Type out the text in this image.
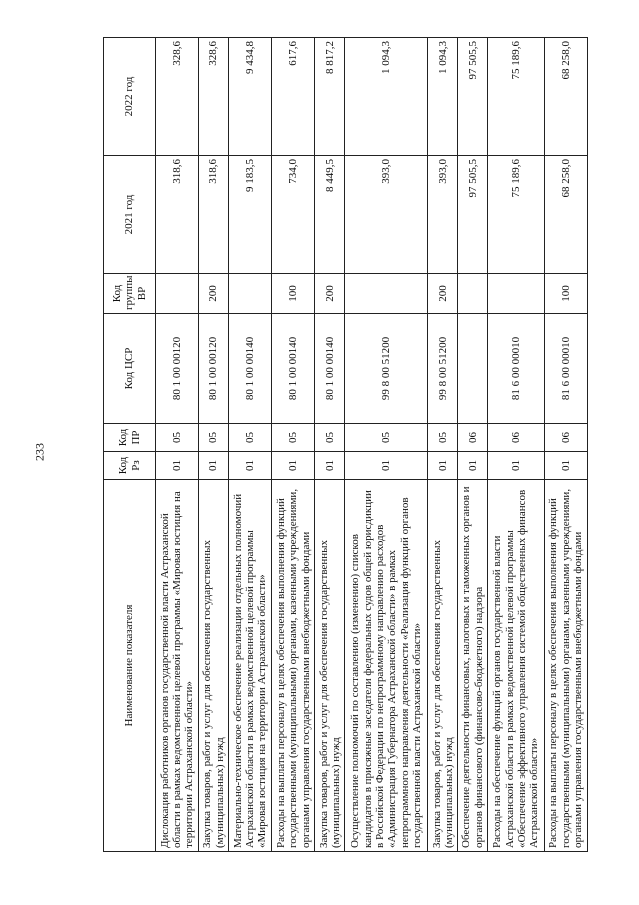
233
Наименование показателя	Код Рз	Код ПР	Код ЦСР	Код группы ВР	2021 год	2022 год
Дислокация работников органов государственной власти Астраханской области в рамках ведомственной целевой программы «Мировая юстиция на территории Астраханской области»	01	05	80 1 00 00120		318,6	328,6
Закупка товаров, работ и услуг для обеспечения государственных (муниципальных) нужд	01	05	80 1 00 00120	200	318,6	328,6
Материально-техническое обеспечение реализации отдельных полномочий Астраханской области в рамках ведомственной целевой программы «Мировая юстиция на территории Астраханской области»	01	05	80 1 00 00140		9 183,5	9 434,8
Расходы на выплаты персоналу в целях обеспечения выполнения функций государственными (муниципальными) органами, казенными учреждениями, органами управления государственными внебюджетными фондами	01	05	80 1 00 00140	100	734,0	617,6
Закупка товаров, работ и услуг для обеспечения государственных (муниципальных) нужд	01	05	80 1 00 00140	200	8 449,5	8 817,2
Осуществление полномочий по составлению (изменению) списков кандидатов в присяжные заседатели федеральных судов общей юрисдикции в Российской Федерации по непрограммному направлению расходов «Администрация Губернатора Астраханской области» в рамках непрограммного направления деятельности «Реализация функций органов государственной власти Астраханской области»	01	05	99 8 00 51200		393,0	1 094,3
Закупка товаров, работ и услуг для обеспечения государственных (муниципальных) нужд	01	05	99 8 00 51200	200	393,0	1 094,3
Обеспечение деятельности финансовых, налоговых и таможенных органов и органов финансового (финансово-бюджетного) надзора	01	06			97 505,5	97 505,5
Расходы на обеспечение функций органов государственной власти Астраханской области в рамках ведомственной целевой программы «Обеспечение эффективного управления системой общественных финансов Астраханской области»	01	06	81 6 00 00010		75 189,6	75 189,6
Расходы на выплаты персоналу в целях обеспечения выполнения функций государственными (муниципальными) органами, казенными учреждениями, органами управления государственными внебюджетными фондами	01	06	81 6 00 00010	100	68 258,0	68 258,0
